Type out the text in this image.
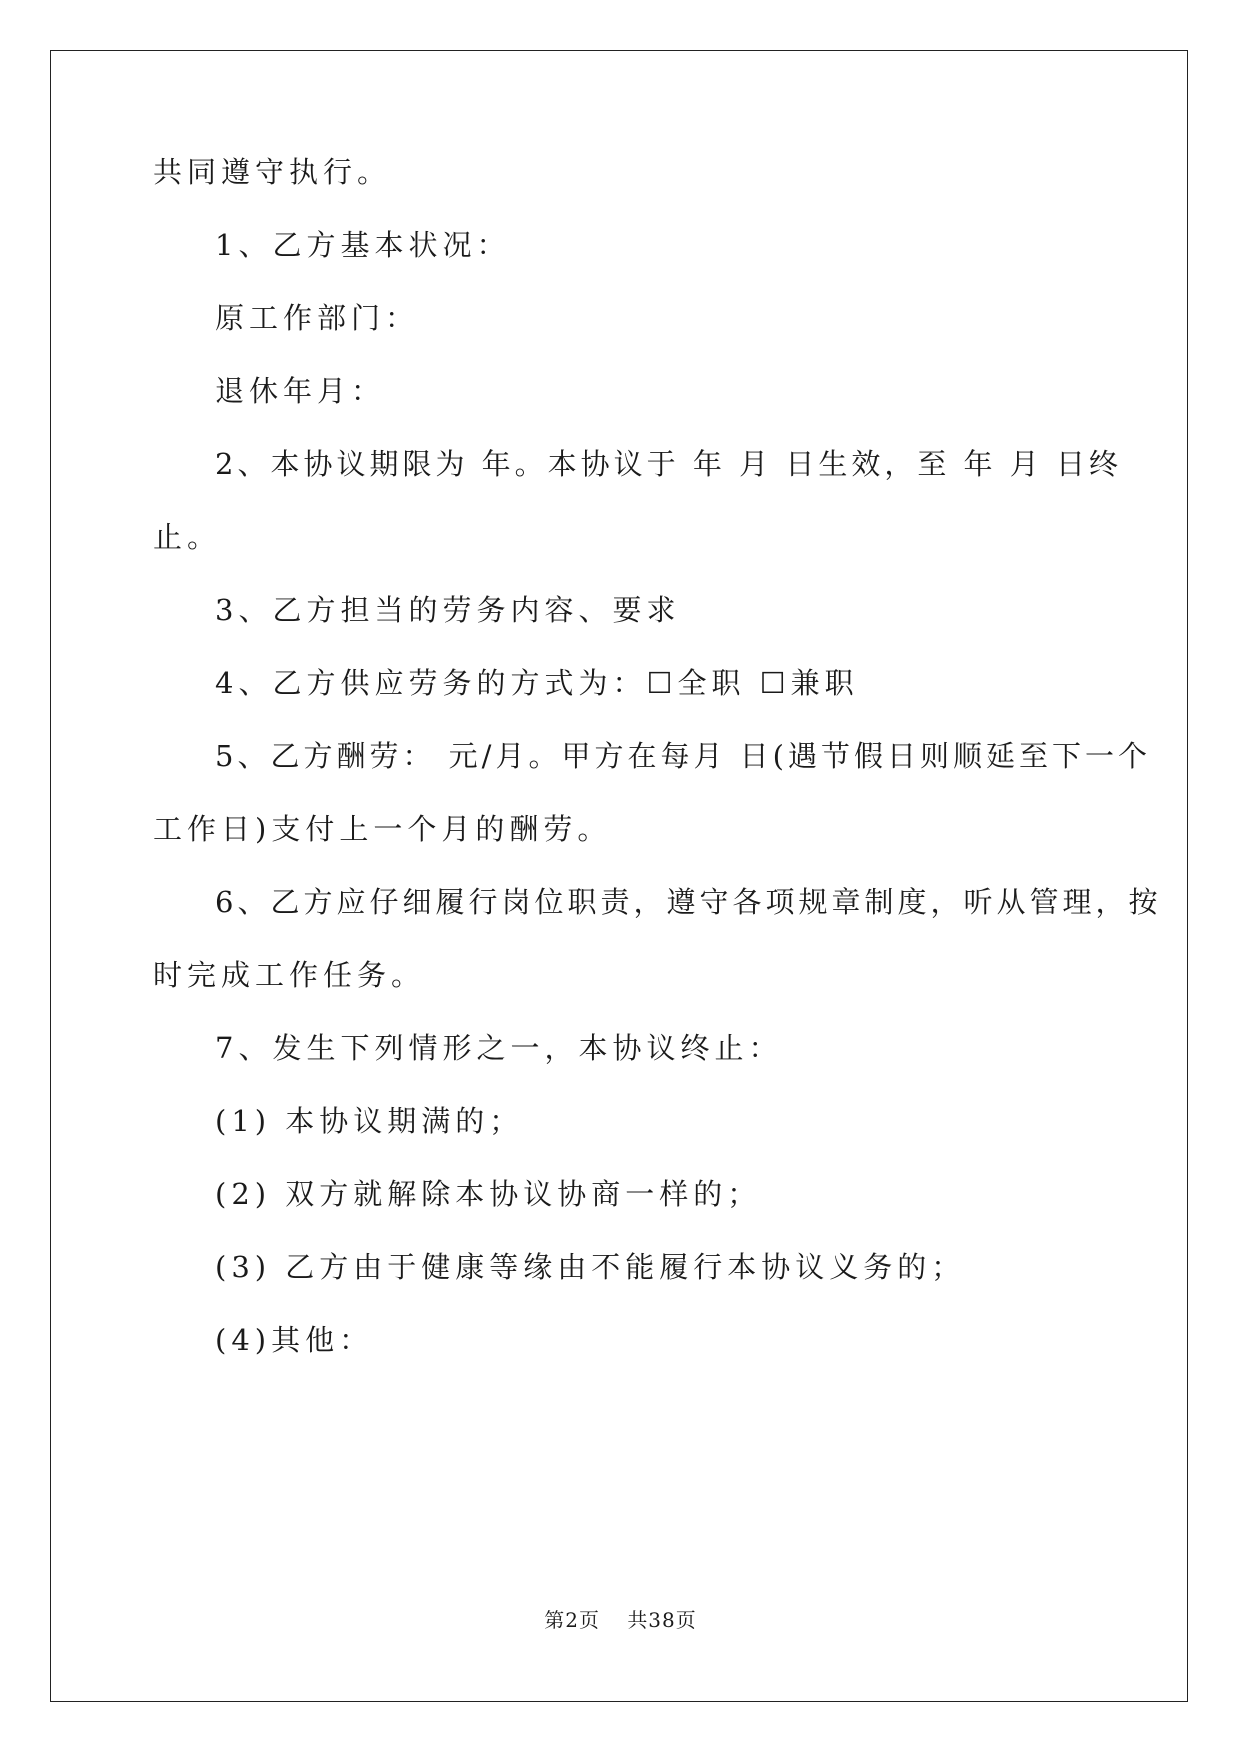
共同遵守执行。

1、乙方基本状况：

原工作部门：

退休年月：

2、本协议期限为 年。本协议于 年 月 日生效，至 年 月 日终

止。

3、乙方担当的劳务内容、要求

4、乙方供应劳务的方式为：☐全职 ☐兼职

5、乙方酬劳： 元/月。甲方在每月 日(遇节假日则顺延至下一个

工作日)支付上一个月的酬劳。

6、乙方应仔细履行岗位职责，遵守各项规章制度，听从管理，按

时完成工作任务。

7、发生下列情形之一，本协议终止：

(1) 本协议期满的；

(2) 双方就解除本协议协商一样的；

(3) 乙方由于健康等缘由不能履行本协议义务的；

(4)其他：

第2页 共38页
